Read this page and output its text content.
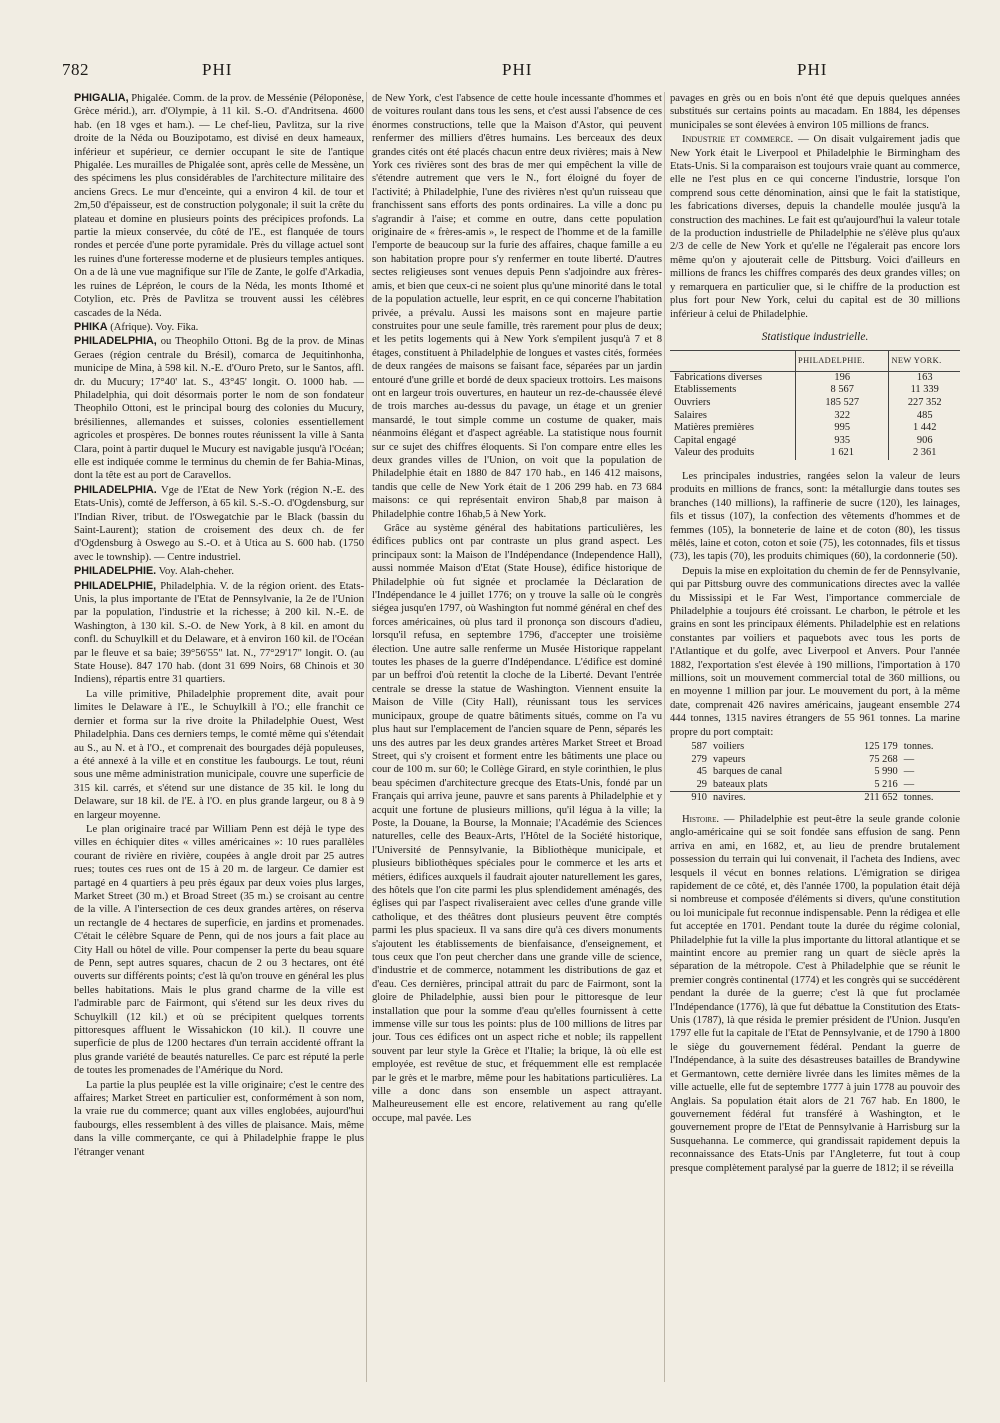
782	PHI	PHI	PHI

PHIGALIA, Phigalée. Comm. de la prov. de Messénie (Péloponèse, Grèce mérid.), arr. d'Olympie, à 11 kil. S.-O. d'Andritsena. 4600 hab. (en 18 vges et ham.). — Le chef-lieu, Pavlitza, sur la rive droite de la Néda ou Bouzipotamo, est divisé en deux hameaux, inférieur et supérieur, ce dernier occupant le site de l'antique Phigalée. Les murailles de Phigalée sont, après celle de Messène, un des spécimens les plus considérables de l'architecture militaire des anciens Grecs. Le mur d'enceinte, qui a environ 4 kil. de tour et 2m,50 d'épaisseur, est de construction polygonale; il suit la crête du plateau et domine en plusieurs points des précipices profonds. La partie la mieux conservée, du côté de l'E., est flanquée de tours rondes et percée d'une porte pyramidale. Près du village actuel sont les ruines d'une forteresse moderne et de plusieurs temples antiques. On a de là une vue magnifique sur l'île de Zante, le golfe d'Arkadia, les ruines de Lépréon, le cours de la Néda, les monts Ithomé et Cotylion, etc. Près de Pavlitza se trouvent aussi les célèbres cascades de la Néda.

PHIKA (Afrique). Voy. Fika.

PHILADELPHIA, ou Theophilo Ottoni. Bg de la prov. de Minas Geraes (région centrale du Brésil), comarca de Jequitinhonha, municipe de Mina, à 598 kil. N.-E. d'Ouro Preto, sur le Santos, affl. dr. du Mucury; 17°40' lat. S., 43°45' longit. O. 1000 hab. — Philadelphia, qui doit désormais porter le nom de son fondateur Theophilo Ottoni, est le principal bourg des colonies du Mucury, brésiliennes, allemandes et suisses, colonies essentiellement agricoles et prospères. De bonnes routes réunissent la ville à Santa Clara, point à partir duquel le Mucury est navigable jusqu'à l'Océan; elle est indiquée comme le terminus du chemin de fer Bahia-Minas, dont la tête est au port de Caravellos.

PHILADELPHIA. Vge de l'Etat de New York (région N.-E. des Etats-Unis), comté de Jefferson, à 65 kil. S.-S.-O. d'Ogdensburg, sur l'Indian River, tribut. de l'Oswegatchie par le Black (bassin du Saint-Laurent); station de croisement des deux ch. de fer d'Ogdensburg à Oswego au S.-O. et à Utica au S. 600 hab. (1750 avec le township). — Centre industriel.

PHILADELPHIE. Voy. Alah-cheher.

PHILADELPHIE, Philadelphia. V. de la région orient. des Etats-Unis, la plus importante de l'Etat de Pennsylvanie, la 2e de l'Union par la population, l'industrie et la richesse; à 200 kil. N.-E. de Washington, à 130 kil. S.-O. de New York, à 8 kil. en amont du confl. du Schuylkill et du Delaware, et à environ 160 kil. de l'Océan par le fleuve et sa baie; 39°56'55" lat. N., 77°29'17" longit. O. (au State House). 847 170 hab. (dont 31 699 Noirs, 68 Chinois et 30 Indiens), répartis entre 31 quartiers.

La ville primitive, Philadelphie proprement dite, avait pour limites le Delaware à l'E., le Schuylkill à l'O.; elle franchit ce dernier et forma sur la rive droite la Philadelphie Ouest, West Philadelphia. Dans ces derniers temps, le comté même qui s'étendait au S., au N. et à l'O., et comprenait des bourgades déjà populeuses, a été annexé à la ville et en constitue les faubourgs. Le tout, réuni sous une même administration municipale, couvre une superficie de 315 kil. carrés, et s'étend sur une distance de 35 kil. le long du Delaware, sur 18 kil. de l'E. à l'O. en plus grande largeur, ou 8 à 9 en largeur moyenne.

Le plan originaire tracé par William Penn est déjà le type des villes en échiquier dites « villes américaines »: 10 rues parallèles courant de rivière en rivière, coupées à angle droit par 25 autres rues; toutes ces rues ont de 15 à 20 m. de largeur. Ce damier est partagé en 4 quartiers à peu près égaux par deux voies plus larges, Market Street (30 m.) et Broad Street (35 m.) se croisant au centre de la ville. A l'intersection de ces deux grandes artères, on réserva un rectangle de 4 hectares de superficie, en jardins et promenades. C'était le célèbre Square de Penn, qui de nos jours a fait place au City Hall ou hôtel de ville. Pour compenser la perte du beau square de Penn, sept autres squares, chacun de 2 ou 3 hectares, ont été ouverts sur différents points; c'est là qu'on trouve en général les plus belles habitations. Mais le plus grand charme de la ville est l'admirable parc de Fairmont, qui s'étend sur les deux rives du Schuylkill (12 kil.) et où se précipitent quelques torrents pittoresques affluent le Wissahickon (10 kil.). Il couvre une superficie de plus de 1200 hectares d'un terrain accidenté offrant la plus grande variété de beautés naturelles. Ce parc est réputé la perle de toutes les promenades de l'Amérique du Nord.

La partie la plus peuplée est la ville originaire; c'est le centre des affaires; Market Street en particulier est, conformément à son nom, la vraie rue du commerce; quant aux villes englobées, aujourd'hui faubourgs, elles ressemblent à des villes de plaisance. Mais, même dans la ville commerçante, ce qui à Philadelphie frappe le plus l'étranger venant

de New York, c'est l'absence de cette houle incessante d'hommes et de voitures roulant dans tous les sens, et c'est aussi l'absence de ces énormes constructions, telle que la Maison d'Astor, qui peuvent renfermer des milliers d'êtres humains. Les berceaux des deux grandes cités ont été placés chacun entre deux rivières; mais à New York ces rivières sont des bras de mer qui empêchent la ville de s'étendre autrement que vers le N., fort éloigné du foyer de l'activité; à Philadelphie, l'une des rivières n'est qu'un ruisseau que franchissent sans efforts des ponts ordinaires. La ville a donc pu s'agrandir à l'aise; et comme en outre, dans cette population originaire de « frères-amis », le respect de l'homme et de la famille l'emporte de beaucoup sur la furie des affaires, chaque famille a eu son habitation propre pour s'y renfermer en toute liberté. D'autres sectes religieuses sont venues depuis Penn s'adjoindre aux frères-amis, et bien que ceux-ci ne soient plus qu'une minorité dans le total de la population actuelle, leur esprit, en ce qui concerne l'habitation privée, a prévalu. Aussi les maisons sont en majeure partie construites pour une seule famille, très rarement pour plus de deux; et les petits logements qui à New York s'empilent jusqu'à 7 et 8 étages, constituent à Philadelphie de longues et vastes cités, formées de deux rangées de maisons se faisant face, séparées par un jardin entouré d'une grille et bordé de deux spacieux trottoirs. Les maisons ont en largeur trois ouvertures, en hauteur un rez-de-chaussée élevé de trois marches au-dessus du pavage, un étage et un grenier mansardé, le tout simple comme un costume de quaker, mais néanmoins élégant et d'aspect agréable. La statistique nous fournit sur ce sujet des chiffres éloquents. Si l'on compare entre elles les deux grandes villes de l'Union, on voit que la population de Philadelphie était en 1880 de 847 170 hab., en 146 412 maisons, tandis que celle de New York était de 1 206 299 hab. en 73 684 maisons: ce qui représentait environ 5hab,8 par maison à Philadelphie contre 16hab,5 à New York.

Grâce au système général des habitations particulières, les édifices publics ont par contraste un plus grand aspect. Les principaux sont: la Maison de l'Indépendance (Independence Hall), aussi nommée Maison d'Etat (State House), édifice historique de Philadelphie où fut signée et proclamée la Déclaration de l'Indépendance le 4 juillet 1776; on y trouve la salle où le congrès siégea jusqu'en 1797, où Washington fut nommé général en chef des forces américaines, où plus tard il prononça son discours d'adieu, lorsqu'il refusa, en septembre 1796, d'accepter une troisième élection. Une autre salle renferme un Musée Historique rappelant toutes les phases de la guerre d'Indépendance. L'édifice est dominé par un beffroi d'où retentit la cloche de la Liberté. Devant l'entrée centrale se dresse la statue de Washington. Viennent ensuite la Maison de Ville (City Hall), réunissant tous les services municipaux, groupe de quatre bâtiments situés, comme on l'a vu plus haut sur l'emplacement de l'ancien square de Penn, séparés les uns des autres par les deux grandes artères Market Street et Broad Street, qui s'y croisent et forment entre les bâtiments une place ou cour de 100 m. sur 60; le Collège Girard, en style corinthien, le plus beau spécimen d'architecture grecque des Etats-Unis, fondé par un Français qui arriva jeune, pauvre et sans parents à Philadelphie et y acquit une fortune de plusieurs millions, qu'il légua à la ville; la Poste, la Douane, la Bourse, la Monnaie; l'Académie des Sciences naturelles, celle des Beaux-Arts, l'Hôtel de la Société historique, l'Université de Pennsylvanie, la Bibliothèque municipale, et plusieurs bibliothèques spéciales pour le commerce et les arts et métiers, édifices auxquels il faudrait ajouter naturellement les gares, des hôtels que l'on cite parmi les plus splendidement aménagés, des églises qui par l'aspect rivaliseraient avec celles d'une grande ville catholique, et des théâtres dont plusieurs peuvent être comptés parmi les plus spacieux. Il va sans dire qu'à ces divers monuments s'ajoutent les établissements de bienfaisance, d'enseignement, et tous ceux que l'on peut chercher dans une grande ville de science, d'industrie et de commerce, notamment les distributions de gaz et d'eau. Ces dernières, principal attrait du parc de Fairmont, sont la gloire de Philadelphie, aussi bien pour le pittoresque de leur installation que pour la somme d'eau qu'elles fournissent à cette immense ville sur tous les points: plus de 100 millions de litres par jour. Tous ces édifices ont un aspect riche et noble; ils rappellent souvent par leur style la Grèce et l'Italie; la brique, là où elle est employée, est revêtue de stuc, et fréquemment elle est remplacée par le grès et le marbre, même pour les habitations particulières. La ville a donc dans son ensemble un aspect attrayant. Malheureusement elle est encore, relativement au rang qu'elle occupe, mal pavée. Les

pavages en grès ou en bois n'ont été que depuis quelques années substitués sur certains points au macadam. En 1884, les dépenses municipales se sont élevées à environ 105 millions de francs.

Industrie et commerce. — On disait vulgairement jadis que New York était le Liverpool et Philadelphie le Birmingham des Etats-Unis. Si la comparaison est toujours vraie quant au commerce, elle ne l'est plus en ce qui concerne l'industrie, lorsque l'on comprend sous cette dénomination, ainsi que le fait la statistique, les fabrications diverses, depuis la chandelle moulée jusqu'à la construction des machines. Le fait est qu'aujourd'hui la valeur totale de la production industrielle de Philadelphie ne s'élève plus qu'aux 2/3 de celle de New York et qu'elle ne l'égalerait pas encore lors même qu'on y ajouterait celle de Pittsburg. Voici d'ailleurs en millions de francs les chiffres comparés des deux grandes villes; on y remarquera en particulier que, si le chiffre de la production est plus fort pour New York, celui du capital est de 30 millions inférieur à celui de Philadelphie.

Statistique industrielle.
	PHILADELPHIE.	NEW YORK.
Fabrications diverses	196	163
Etablissements	8 567	11 339
Ouvriers	185 527	227 352
Salaires	322	485
Matières premières	995	1 442
Capital engagé	935	906
Valeur des produits	1 621	2 361

Les principales industries, rangées selon la valeur de leurs produits en millions de francs, sont: la métallurgie dans toutes ses branches (140 millions), la raffinerie de sucre (120), les lainages, fils et tissus (107), la confection des vêtements d'hommes et de femmes (105), la bonneterie de laine et de coton (80), les tissus mêlés, laine et coton, coton et soie (75), les cotonnades, fils et tissus (73), les tapis (70), les produits chimiques (60), la cordonnerie (50).

Depuis la mise en exploitation du chemin de fer de Pennsylvanie, qui par Pittsburg ouvre des communications directes avec la vallée du Mississipi et le Far West, l'importance commerciale de Philadelphie a toujours été croissant. Le charbon, le pétrole et les grains en sont les principaux éléments. Philadelphie est en relations constantes par voiliers et paquebots avec tous les ports de l'Atlantique et du golfe, avec Liverpool et Anvers. Pour l'année 1882, l'exportation s'est élevée à 190 millions, l'importation à 170 millions, soit un mouvement commercial total de 360 millions, ou en moyenne 1 million par jour. Le mouvement du port, à la même date, comprenait 426 navires américains, jaugeant ensemble 274 444 tonnes, 1315 navires étrangers de 55 961 tonnes. La marine propre du port comptait:

587	voiliers	125 179	tonnes.
279	vapeurs	75 268	—
45	barques de canal	5 990	—
29	bateaux plats	5 216	—
910	navires.	211 652	tonnes.

Histoire. — Philadelphie est peut-être la seule grande colonie anglo-américaine qui se soit fondée sans effusion de sang. Penn arriva en ami, en 1682, et, au lieu de prendre brutalement possession du terrain qui lui convenait, il l'acheta des Indiens, avec lesquels il vécut en bonnes relations. L'émigration se dirigea rapidement de ce côté, et, dès l'année 1700, la population était déjà si nombreuse et composée d'éléments si divers, qu'une constitution ou loi municipale fut reconnue indispensable. Penn la rédigea et elle fut acceptée en 1701. Pendant toute la durée du régime colonial, Philadelphie fut la ville la plus importante du littoral atlantique et se maintint encore au premier rang un quart de siècle après la séparation de la métropole. C'est à Philadelphie que se réunit le premier congrès continental (1774) et les congrès qui se succédèrent pendant la durée de la guerre; c'est là que fut proclamée l'Indépendance (1776), là que fut débattue la Constitution des Etats-Unis (1787), là que résida le premier président de l'Union. Jusqu'en 1797 elle fut la capitale de l'Etat de Pennsylvanie, et de 1790 à 1800 le siège du gouvernement fédéral. Pendant la guerre de l'Indépendance, à la suite des désastreuses batailles de Brandywine et Germantown, cette dernière livrée dans les limites mêmes de la ville actuelle, elle fut de septembre 1777 à juin 1778 au pouvoir des Anglais. Sa population était alors de 21 767 hab. En 1800, le gouvernement fédéral fut transféré à Washington, et le gouvernement propre de l'Etat de Pennsylvanie à Harrisburg sur la Susquehanna. Le commerce, qui grandissait rapidement depuis la reconnaissance des Etats-Unis par l'Angleterre, fut tout à coup presque complètement paralysé par la guerre de 1812; il se réveilla
